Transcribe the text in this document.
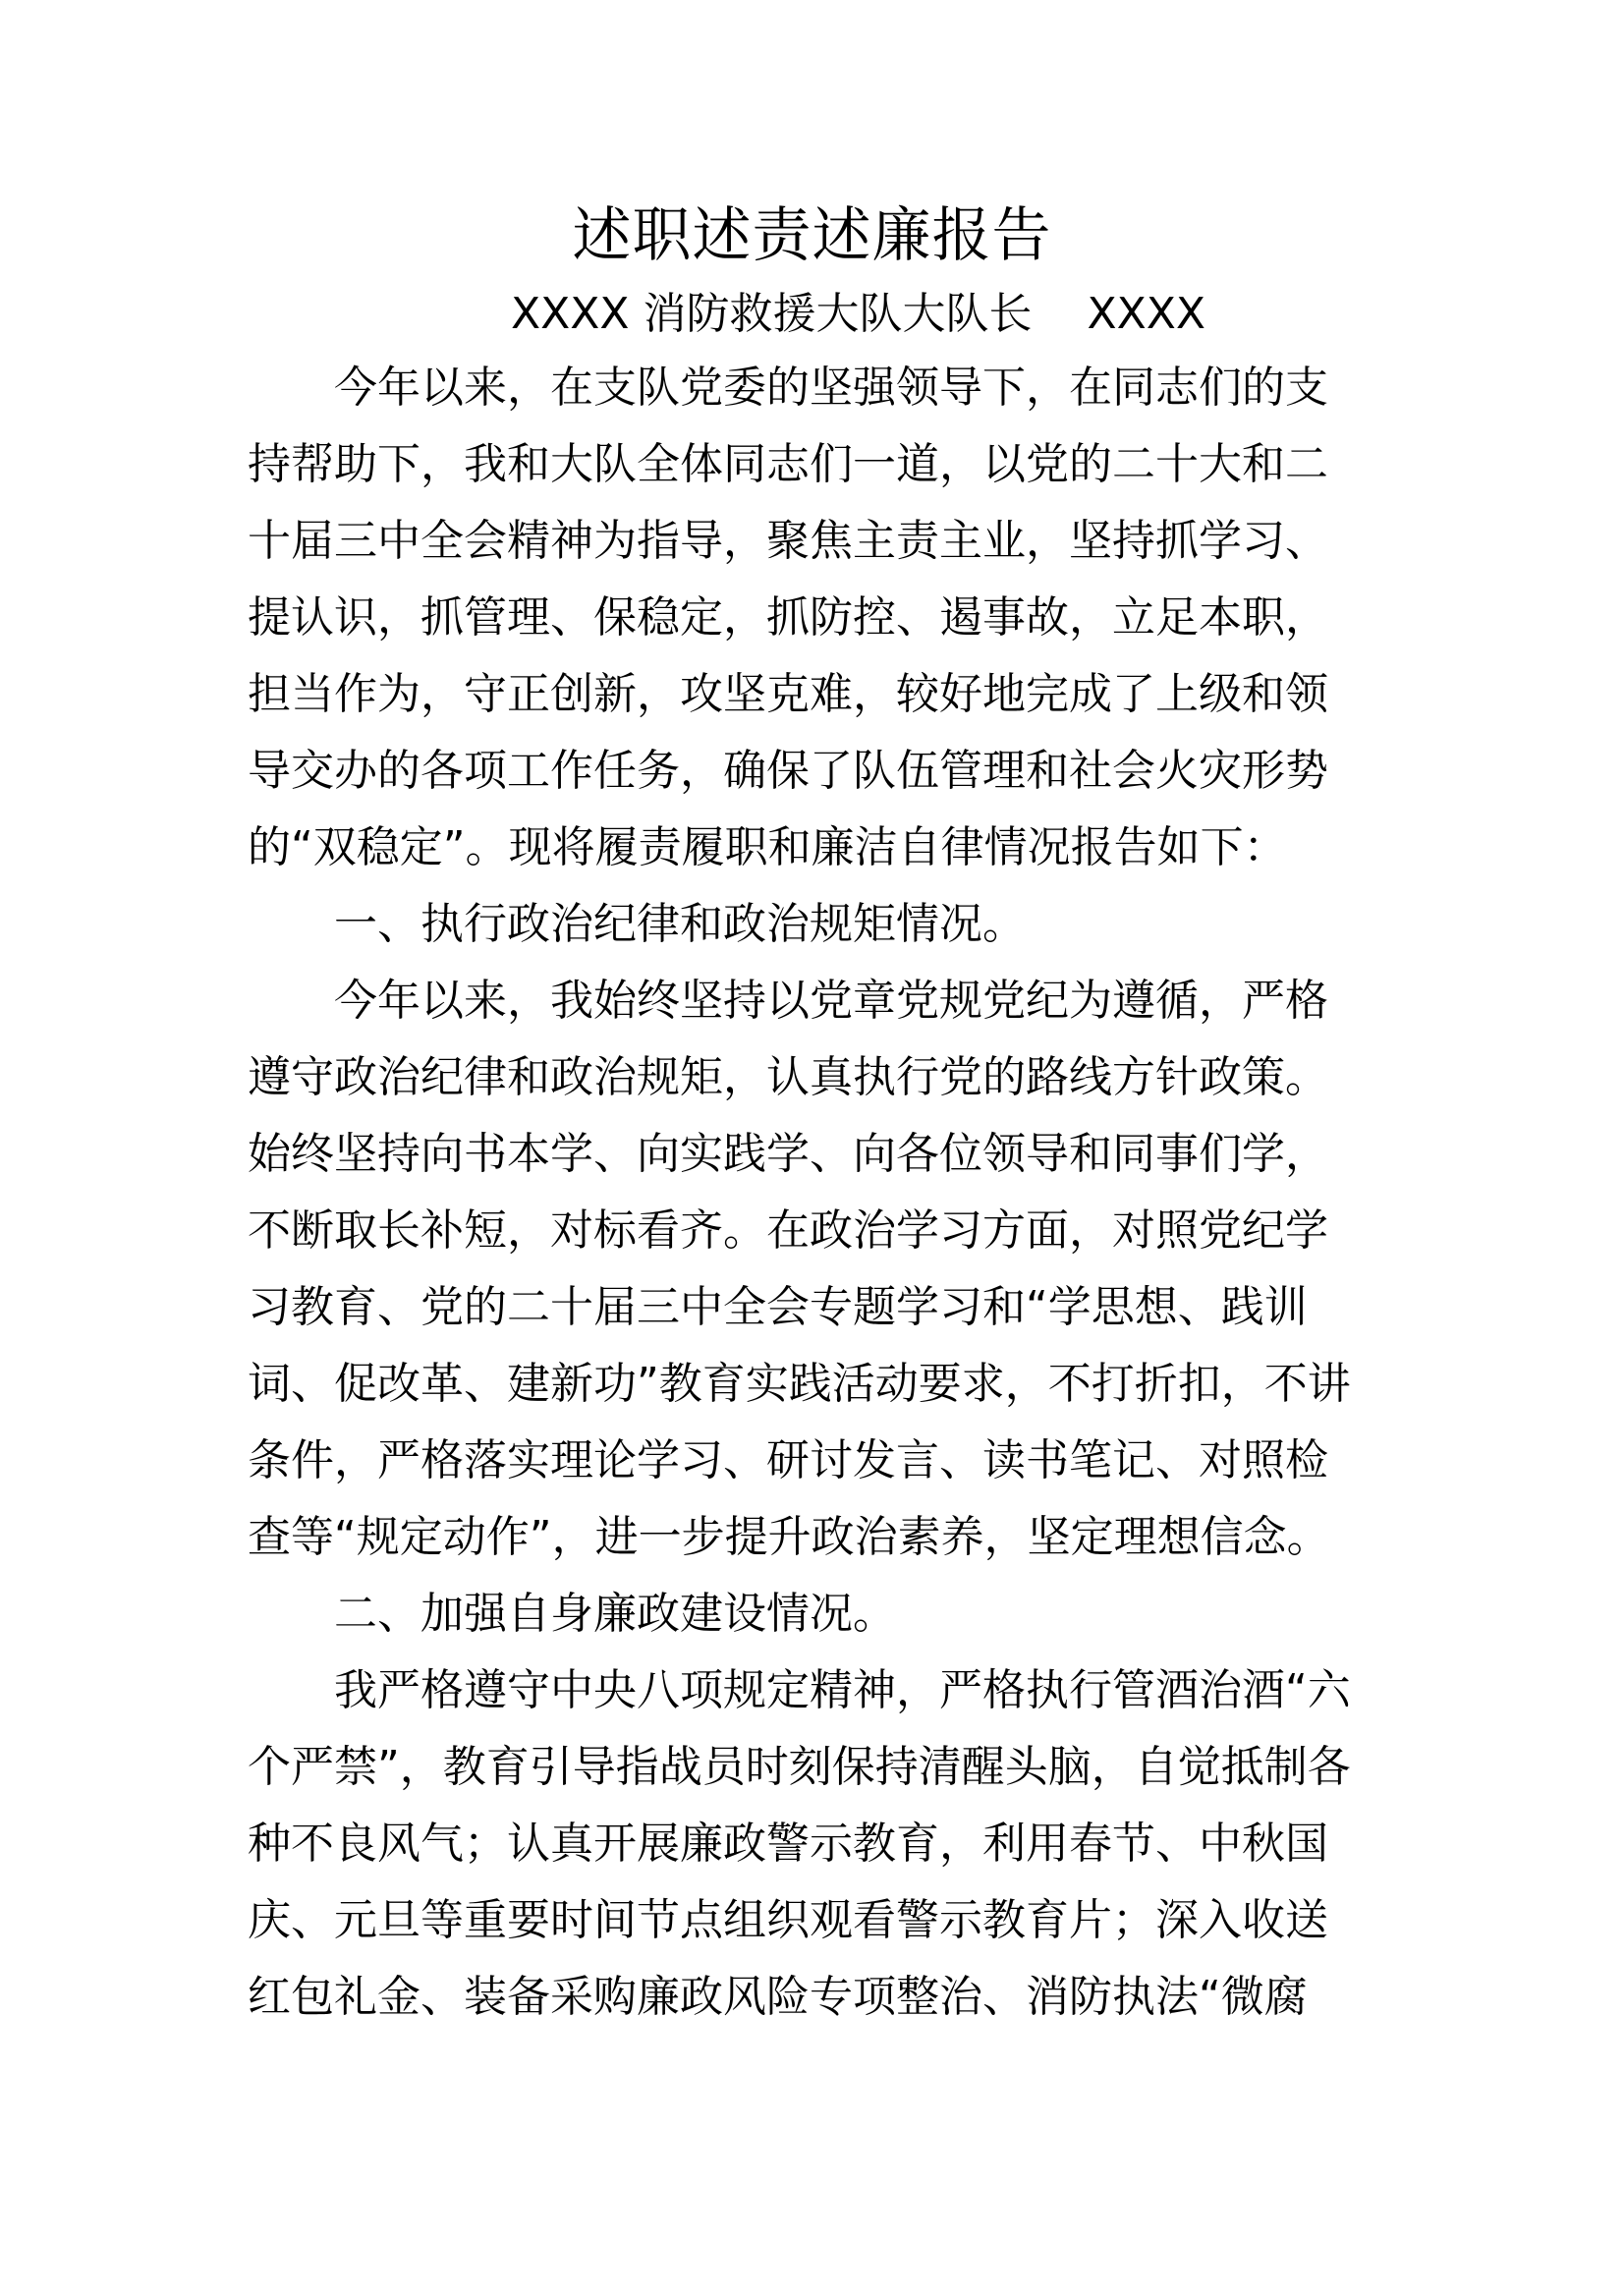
述职述责述廉报告
XXXX 消防救援大队大队长    XXXX
今年以来，在支队党委的坚强领导下，在同志们的支
持帮助下，我和大队全体同志们一道，以党的二十大和二
十届三中全会精神为指导，聚焦主责主业，坚持抓学习、
提认识，抓管理、保稳定，抓防控、遏事故，立足本职，
担当作为，守正创新，攻坚克难，较好地完成了上级和领
导交办的各项工作任务，确保了队伍管理和社会火灾形势
的“双稳定”。现将履责履职和廉洁自律情况报告如下：
一、执行政治纪律和政治规矩情况。
今年以来，我始终坚持以党章党规党纪为遵循，严格
遵守政治纪律和政治规矩，认真执行党的路线方针政策。
始终坚持向书本学、向实践学、向各位领导和同事们学，
不断取长补短，对标看齐。在政治学习方面，对照党纪学
习教育、党的二十届三中全会专题学习和“学思想、践训
词、促改革、建新功”教育实践活动要求，不打折扣，不讲
条件，严格落实理论学习、研讨发言、读书笔记、对照检
查等“规定动作”，进一步提升政治素养，坚定理想信念。
二、加强自身廉政建设情况。
我严格遵守中央八项规定精神，严格执行管酒治酒“六
个严禁”，教育引导指战员时刻保持清醒头脑，自觉抵制各
种不良风气；认真开展廉政警示教育，利用春节、中秋国
庆、元旦等重要时间节点组织观看警示教育片；深入收送
红包礼金、装备采购廉政风险专项整治、消防执法“微腐
